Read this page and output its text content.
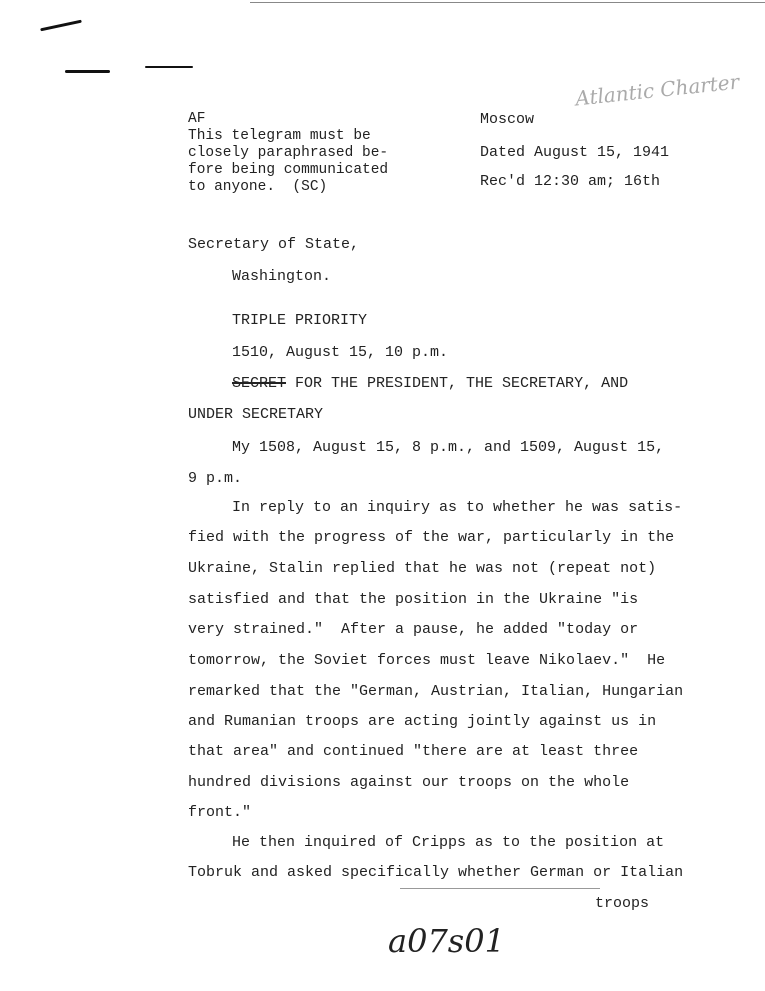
Atlantic Charter
AF
This telegram must be
closely paraphrased be-
fore being communicated
to anyone.  (SC)
Moscow
Dated August 15, 1941
Rec'd 12:30 am; 16th
Secretary of State,
Washington.
TRIPLE PRIORITY
1510, August 15, 10 p.m.
SECRET FOR THE PRESIDENT, THE SECRETARY, AND
UNDER SECRETARY
My 1508, August 15, 8 p.m., and 1509, August 15,
9 p.m.
In reply to an inquiry as to whether he was satis-
fied with the progress of the war, particularly in the
Ukraine, Stalin replied that he was not (repeat not)
satisfied and that the position in the Ukraine "is
very strained."  After a pause, he added "today or
tomorrow, the Soviet forces must leave Nikolaev."  He
remarked that the "German, Austrian, Italian, Hungarian
and Rumanian troops are acting jointly against us in
that area" and continued "there are at least three
hundred divisions against our troops on the whole
front."
He then inquired of Cripps as to the position at
Tobruk and asked specifically whether German or Italian
troops
a07s01
